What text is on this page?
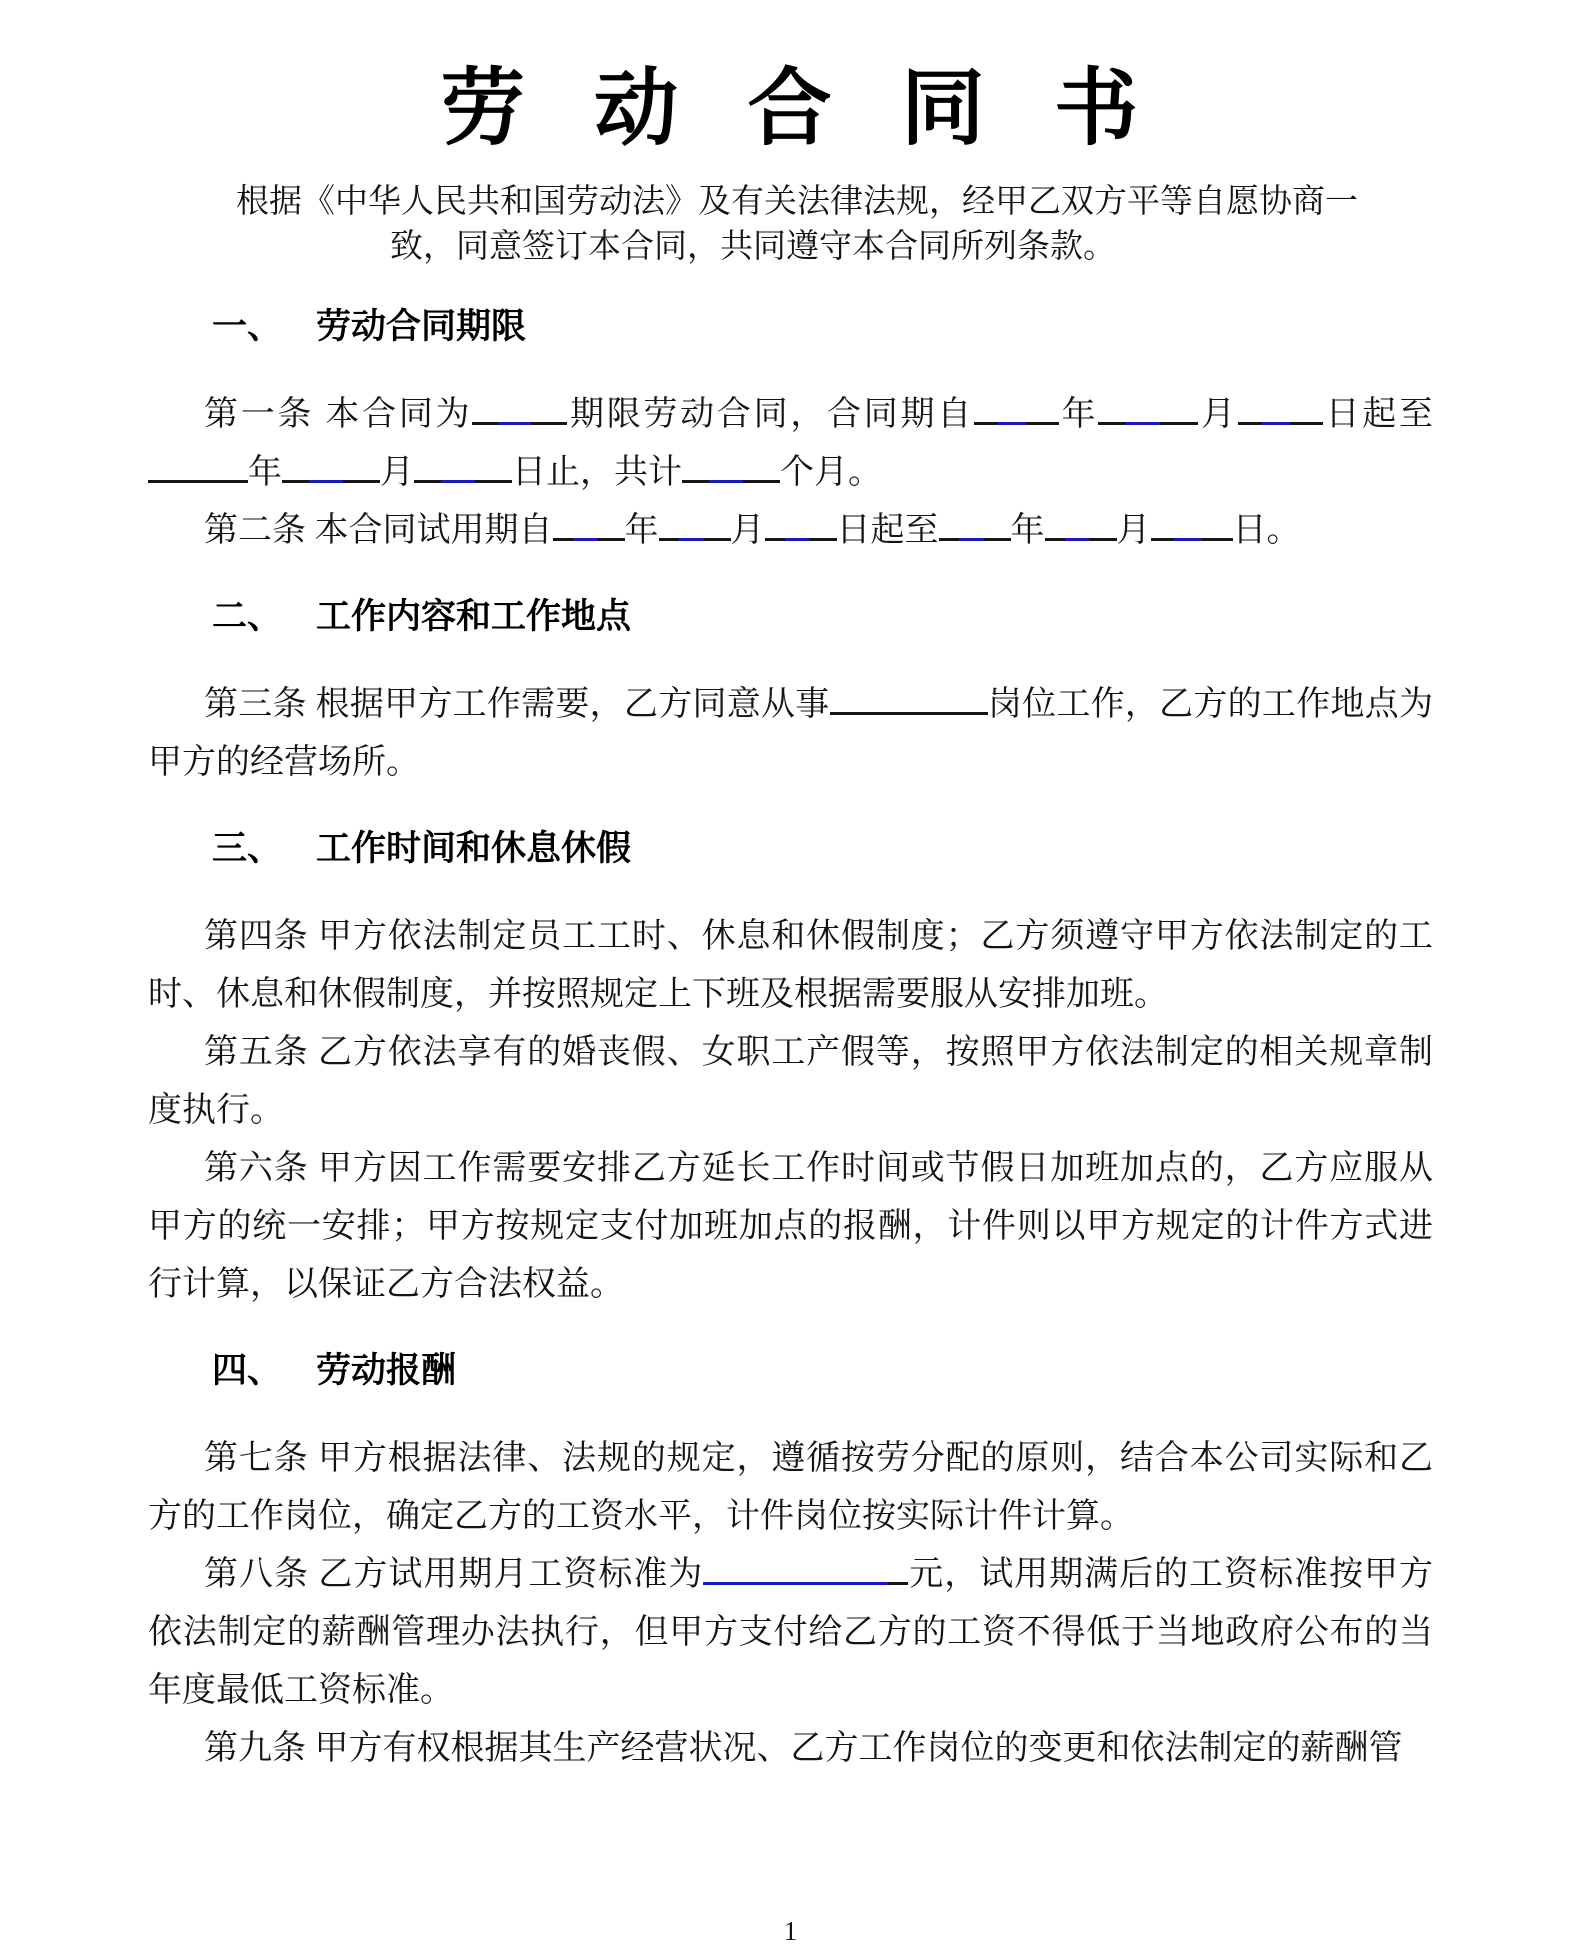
劳 动 合 同 书
根据《中华人民共和国劳动法》及有关法律法规，经甲乙双方平等自愿协商一
致，同意签订本合同，共同遵守本合同所列条款。
一、 劳动合同期限

第一条 本合同为	期限劳动合同，合同期自	年	月	日起至年	月	日止，共计	个月。

第二条 本合同试用期自 年 月 日起至 年 月 日。

二、 工作内容和工作地点

第三条 根据甲方工作需要，乙方同意从事	岗位工作，乙方的工作地点为甲方的经营场所。

三、 工作时间和休息休假

第四条 甲方依法制定员工工时、休息和休假制度；乙方须遵守甲方依法制定的工时、休息和休假制度，并按照规定上下班及根据需要服从安排加班。

第五条 乙方依法享有的婚丧假、女职工产假等，按照甲方依法制定的相关规章制度执行。

第六条 甲方因工作需要安排乙方延长工作时间或节假日加班加点的，乙方应服从甲方的统一安排；甲方按规定支付加班加点的报酬，计件则以甲方规定的计件方式进行计算，以保证乙方合法权益。

四、 劳动报酬

第七条 甲方根据法律、法规的规定，遵循按劳分配的原则，结合本公司实际和乙方的工作岗位，确定乙方的工资水平，计件岗位按实际计件计算。

第八条 乙方试用期月工资标准为	元，试用期满后的工资标准按甲方依法制定的薪酬管理办法执行，但甲方支付给乙方的工资不得低于当地政府公布的当年度最低工资标准。

第九条 甲方有权根据其生产经营状况、乙方工作岗位的变更和依法制定的薪酬管

1
